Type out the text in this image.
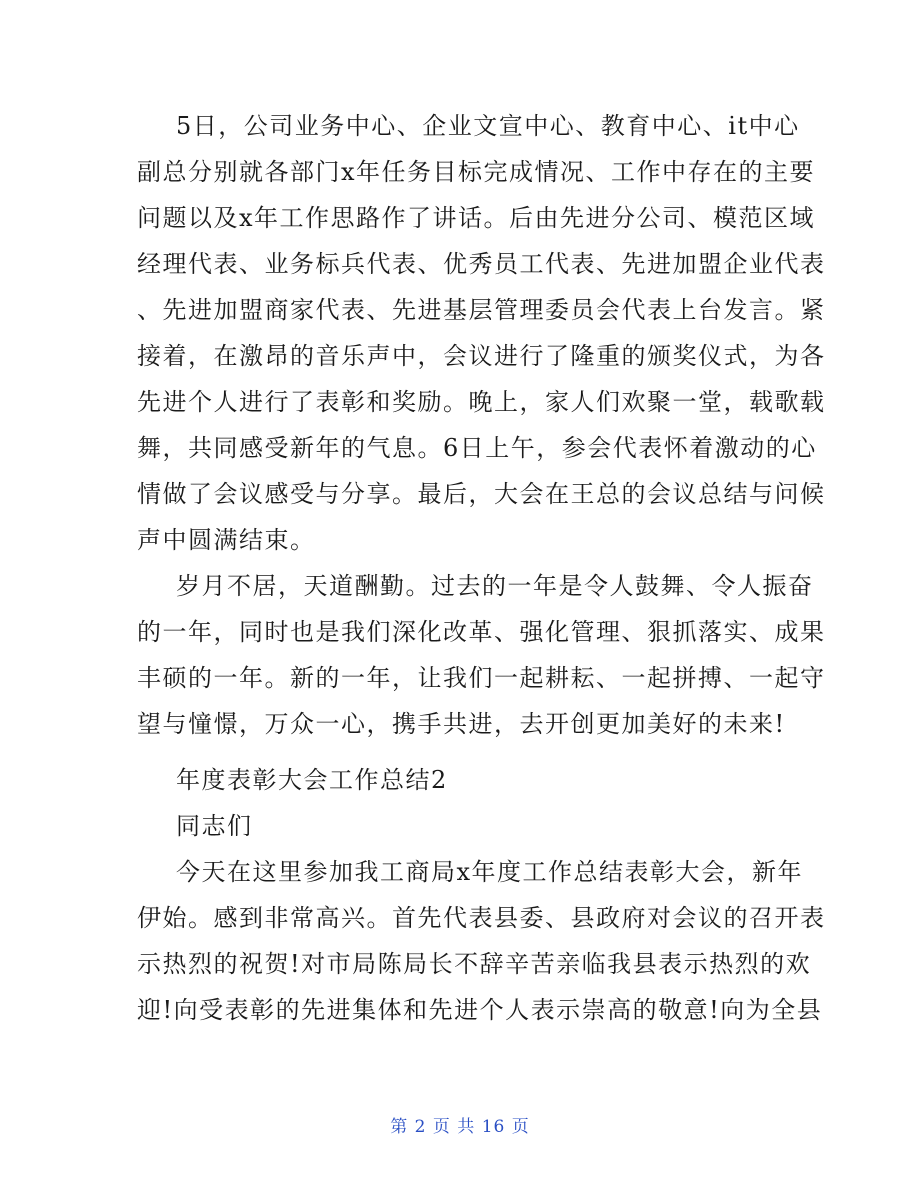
5日，公司业务中心、企业文宣中心、教育中心、it中心
副总分别就各部门x年任务目标完成情况、工作中存在的主要
问题以及x年工作思路作了讲话。后由先进分公司、模范区域
经理代表、业务标兵代表、优秀员工代表、先进加盟企业代表
、先进加盟商家代表、先进基层管理委员会代表上台发言。紧
接着，在激昂的音乐声中，会议进行了隆重的颁奖仪式，为各
先进个人进行了表彰和奖励。晚上，家人们欢聚一堂，载歌载
舞，共同感受新年的气息。6日上午，参会代表怀着激动的心
情做了会议感受与分享。最后，大会在王总的会议总结与问候
声中圆满结束。
岁月不居，天道酬勤。过去的一年是令人鼓舞、令人振奋
的一年，同时也是我们深化改革、强化管理、狠抓落实、成果
丰硕的一年。新的一年，让我们一起耕耘、一起拼搏、一起守
望与憧憬，万众一心，携手共进，去开创更加美好的未来!
年度表彰大会工作总结2
同志们
今天在这里参加我工商局x年度工作总结表彰大会，新年
伊始。感到非常高兴。首先代表县委、县政府对会议的召开表
示热烈的祝贺!对市局陈局长不辞辛苦亲临我县表示热烈的欢
迎!向受表彰的先进集体和先进个人表示崇高的敬意!向为全县
第 2 页 共 16 页
